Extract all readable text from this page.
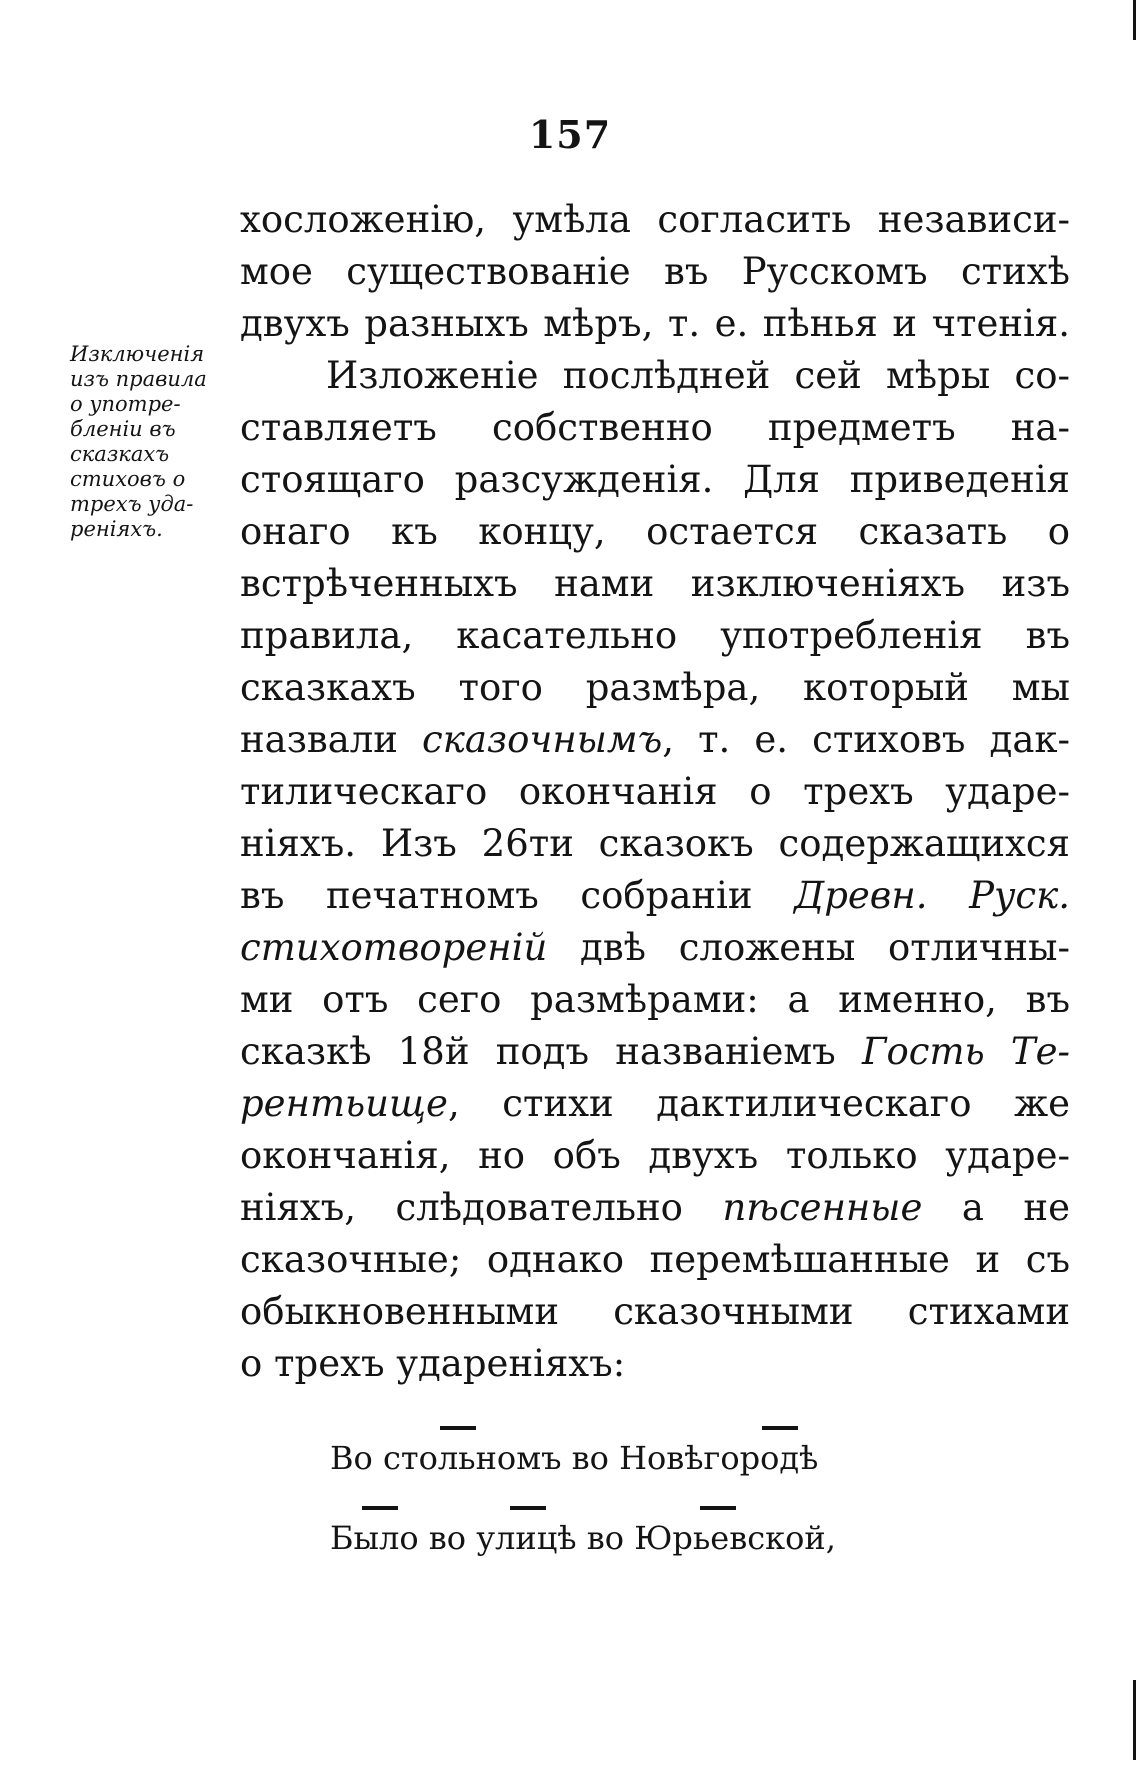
157
Изключенія
изъ правила
о употре-
бленіи въ
сказкахъ
стиховъ о
трехъ уда-
реніяхъ.
хосложенію, умѣла согласить независи-
мое существованіе въ Русскомъ стихѣ
двухъ разныхъ мѣръ, т. е. пѣнья и чтенія.
Изложеніе послѣдней сей мѣры со-
ставляетъ собственно предметъ на-
стоящаго разсужденія. Для приведенія
онаго къ концу, остается сказать о
встрѣченныхъ нами изключеніяхъ изъ
правила, касательно употребленія въ
сказкахъ того размѣра, который мы
назвали сказочнымъ, т. е. стиховъ дак-
тилическаго окончанія о трехъ ударе-
ніяхъ. Изъ 26ти сказокъ содержащихся
въ печатномъ собраніи Древн. Руск.
стихотвореній двѣ сложены отличны-
ми отъ сего размѣрами: а именно, въ
сказкѣ 18й подъ названіемъ Гость Те-
рентьище, стихи дактилическаго же
окончанія, но объ двухъ только ударе-
ніяхъ, слѣдовательно пѣсенные а не
сказочные; однако перемѣшанные и съ
обыкновенными сказочными стихами
о трехъ удареніяхъ:
Во стольномъ во Новѣгородѣ
Было во улицѣ во Юрьевской,
